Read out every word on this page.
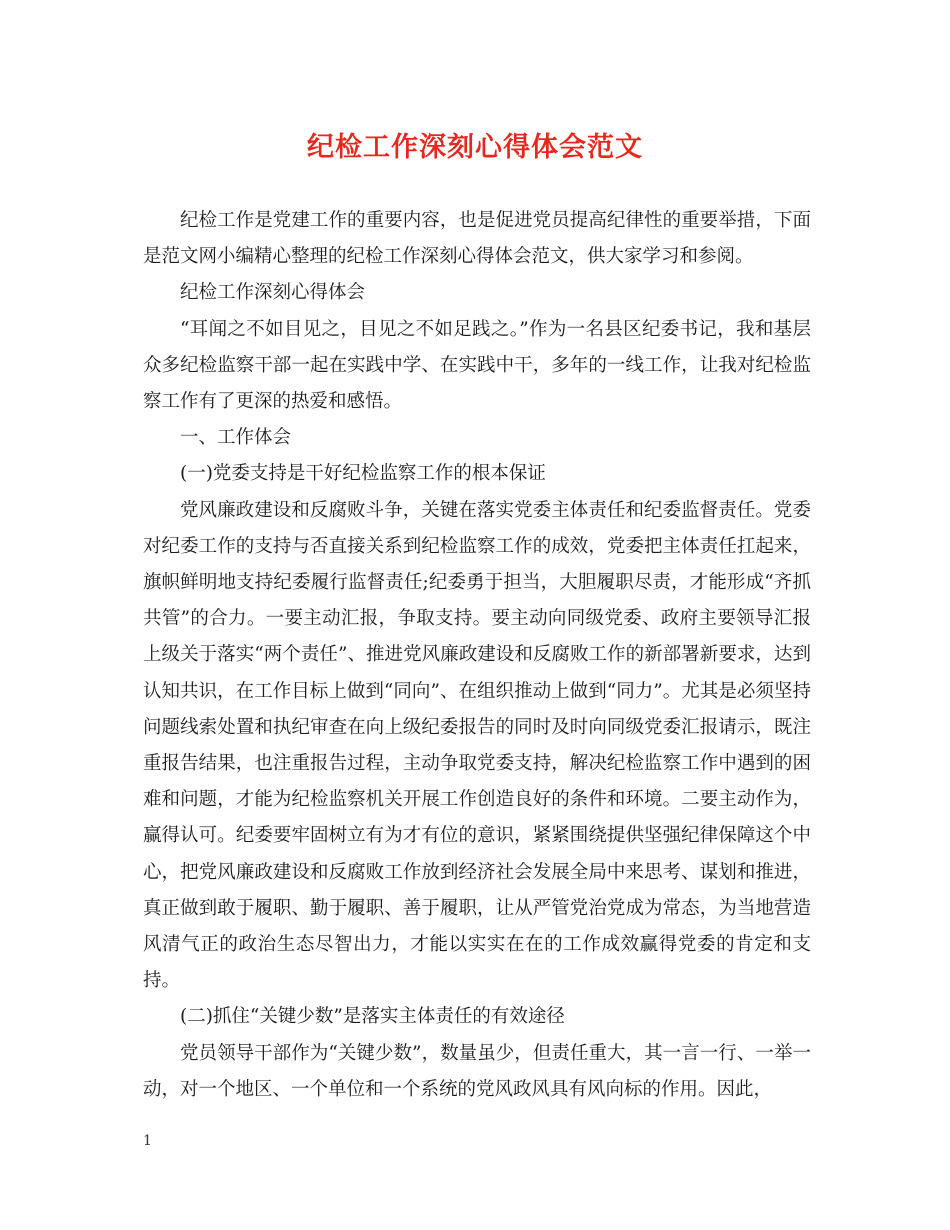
纪检工作深刻心得体会范文

纪检工作是党建工作的重要内容，也是促进党员提高纪律性的重要举措，下面是范文网小编精心整理的纪检工作深刻心得体会范文，供大家学习和参阅。

纪检工作深刻心得体会

“耳闻之不如目见之，目见之不如足践之。”作为一名县区纪委书记，我和基层众多纪检监察干部一起在实践中学、在实践中干，多年的一线工作，让我对纪检监察工作有了更深的热爱和感悟。

一、工作体会

(一)党委支持是干好纪检监察工作的根本保证

党风廉政建设和反腐败斗争，关键在落实党委主体责任和纪委监督责任。党委对纪委工作的支持与否直接关系到纪检监察工作的成效，党委把主体责任扛起来，旗帜鲜明地支持纪委履行监督责任;纪委勇于担当，大胆履职尽责，才能形成“齐抓共管”的合力。一要主动汇报，争取支持。要主动向同级党委、政府主要领导汇报上级关于落实“两个责任”、推进党风廉政建设和反腐败工作的新部署新要求，达到认知共识，在工作目标上做到“同向”、在组织推动上做到“同力”。尤其是必须坚持问题线索处置和执纪审查在向上级纪委报告的同时及时向同级党委汇报请示，既注重报告结果，也注重报告过程，主动争取党委支持，解决纪检监察工作中遇到的困难和问题，才能为纪检监察机关开展工作创造良好的条件和环境。二要主动作为，赢得认可。纪委要牢固树立有为才有位的意识，紧紧围绕提供坚强纪律保障这个中心，把党风廉政建设和反腐败工作放到经济社会发展全局中来思考、谋划和推进，真正做到敢于履职、勤于履职、善于履职，让从严管党治党成为常态，为当地营造风清气正的政治生态尽智出力，才能以实实在在的工作成效赢得党委的肯定和支持。

(二)抓住“关键少数”是落实主体责任的有效途径

党员领导干部作为“关键少数”，数量虽少，但责任重大，其一言一行、一举一动，对一个地区、一个单位和一个系统的党风政风具有风向标的作用。因此，

1
